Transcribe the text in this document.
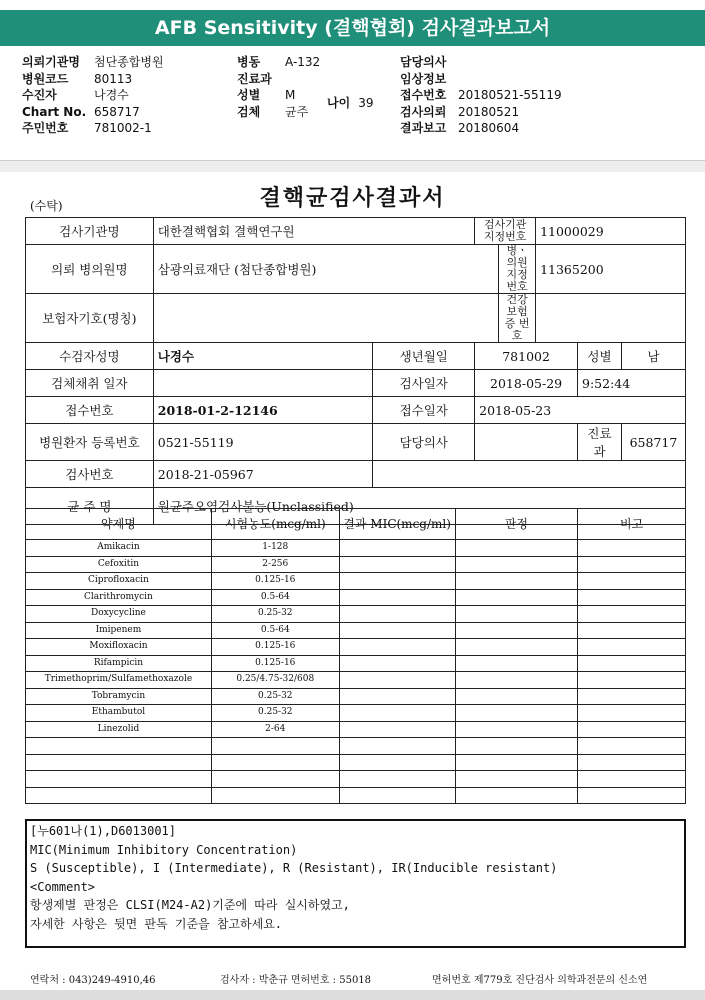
AFB Sensitivity (결핵협회) 검사결과보고서
의뢰기관명 첨단종합병원
병원코드 80113
수진자	나경수
Chart No. 658717
주민번호 781002-1
병동 A-132
진료과
성별 M
검체 균주
나이 39
담당의사
임상정보
접수번호 20180521-55119
검사의뢰 20180521
결과보고 20180604
결핵균검사결과서
(수탁)
검사기관명	대한결핵협회 결핵연구원		검사기관 지정번호		11000029		
의뢰 병의원명	삼광의료재단 (첨단종합병원)			병ㆍ의원 지정번호	11365200		
보험자기호(명칭)				건강보험 증 번 호			
수검자성명	나경수	생년월일	781002			성별	남
검체채취 일자		검사일자	2018-05-29			9:52:44	
접수번호	2018-01-2-12146	접수일자	2018-05-23				
병원환자 등록번호	0521-55119	담당의사				진료과	658717
검사번호	2018-21-05967						
균 주 명	원균주오염검사불능(Unclassified)						
약제명	시험농도(mcg/ml)	결과 MIC(mcg/ml)	판정	비고
Amikacin	1-128			
Cefoxitin	2-256			
Ciprofloxacin	0.125-16			
Clarithromycin	0.5-64			
Doxycycline	0.25-32			
Imipenem	0.5-64			
Moxifloxacin	0.125-16			
Rifampicin	0.125-16			
Trimethoprim/Sulfamethoxazole	0.25/4.75-32/608			
Tobramycin	0.25-32			
Ethambutol	0.25-32			
Linezolid	2-64			

[누601나(1),D6013001]
MIC(Minimum Inhibitory Concentration)
S (Susceptible), I (Intermediate), R (Resistant), IR(Inducible resistant)
<Comment>
항생제별 판정은 CLSI(M24-A2)기준에 따라 실시하였고,
자세한 사항은 뒷면 판독 기준을 참고하세요.
연락처 : 043)249-4910,46	검사자 : 박춘규 면허번호 : 55018	면허번호 제779호 진단검사 의학과전문의 신소연
